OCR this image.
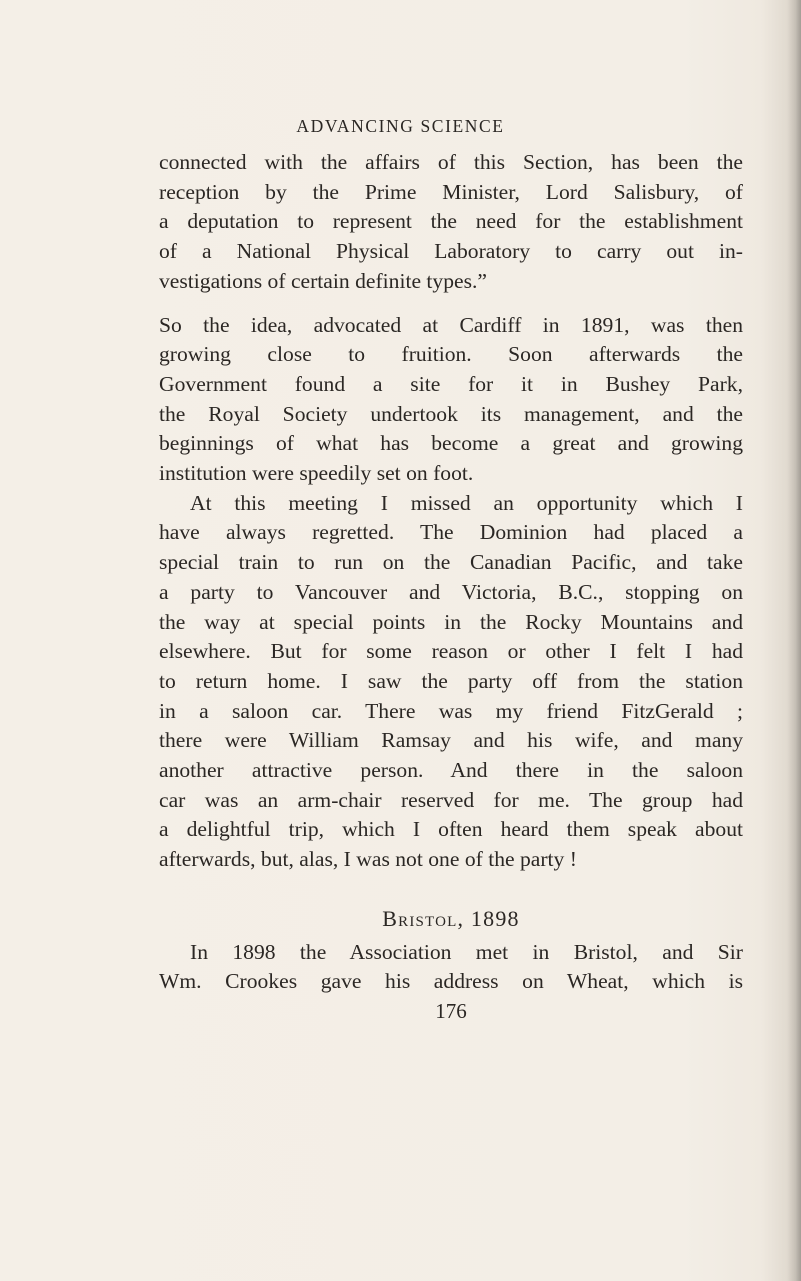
ADVANCING SCIENCE
connected with the affairs of this Section, has been the
reception by the Prime Minister, Lord Salisbury, of
a deputation to represent the need for the establishment
of a National Physical Laboratory to carry out in-
vestigations of certain definite types.”
So the idea, advocated at Cardiff in 1891, was then
growing close to fruition. Soon afterwards the
Government found a site for it in Bushey Park,
the Royal Society undertook its management, and the
beginnings of what has become a great and growing
institution were speedily set on foot.
At this meeting I missed an opportunity which I
have always regretted. The Dominion had placed a
special train to run on the Canadian Pacific, and take
a party to Vancouver and Victoria, B.C., stopping on
the way at special points in the Rocky Mountains and
elsewhere. But for some reason or other I felt I had
to return home. I saw the party off from the station
in a saloon car. There was my friend FitzGerald ;
there were William Ramsay and his wife, and many
another attractive person. And there in the saloon
car was an arm-chair reserved for me. The group had
a delightful trip, which I often heard them speak about
afterwards, but, alas, I was not one of the party !
Bristol, 1898
In 1898 the Association met in Bristol, and Sir
Wm. Crookes gave his address on Wheat, which is
176
